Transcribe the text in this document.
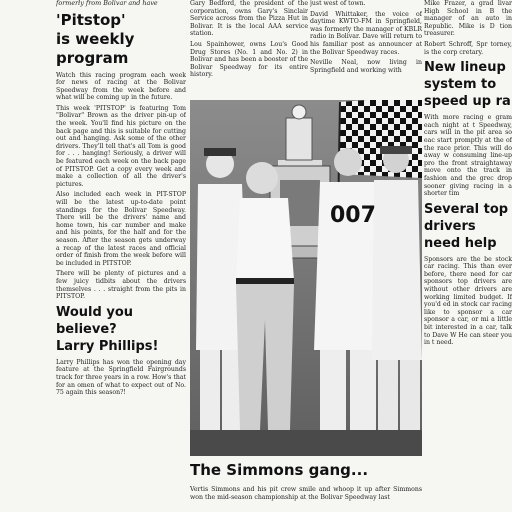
formerly from Bolivar and have

'Pitstop'
is weekly
program

Watch this racing program each week for news of racing at the Bolivar Speedway from the week before and what will be coming up in the future.

This week 'PITSTOP' is featuring Tom "Bolivar" Brown as the driver pin-up of the week. You'll find his picture on the back page and this is suitable for cutting out and hanging. Ask some of the other drivers. They'll tell that's all Tom is good for . . . hanging! Seriously, a driver will be featured each week on the back page of PITSTOP. Get a copy every week and make a collection of all the driver's pictures.

Also included each week in PIT-STOP will be the latest up-to-date point standings for the Bolivar Speedway. There will be the drivers' name and home town, his car number and make and his points, for the half and for the season. After the season gets underway a recap of the latest races and official order of finish from the week before will be included in PITSTOP.

There will be plenty of pictures and a few juicy tidbits about the drivers themselves . . . straight from the pits in PITSTOP.

Would you
believe?
Larry Phillips!

Larry Phillips has won the opening day feature at the Springfield Fairgrounds track for three years in a row. How's that for an omen of what to expect out of No. 75 again this season?!

Gary Bedford, the president of the corporation, owns Gary's Sinclair Service across from the Pizza Hut in Bolivar. It is the local AAA service station.

Lou Spainhower, owns Lou's Good Drug Stores (No. 1 and No. 2) in Bolivar and has been a booster of the Bolivar Speedway for its entire history.

just west of town.

David Whittaker, the voice of daytime KWTO-FM in Springfield, was formerly the manager of KBLR radio in Bolivar. Dave will return to his familiar post as announcer at the Bolivar Speedway races.

Neville Neal, now living in Springfield and working with

Mike Frazer, a grad livar High School in B the manager of an auto in Republic. Mike is D tion treasurer.

Robert Schroff, Spr torney, is the corp cretary.

New lineup
system to
speed up ra

With more racing e gram each night at t Speedway, cars will in the pit area so eac start promptly at the of the race prior. This will do away w consuming line-up pro the front straightaway move onto the track in fashion and the grec drop sooner giving racing in a shorter tim

Several top
drivers
need help

Sponsors are the be stock car racing. This than ever before, there need for car sponsors top drivers are without other drivers are working limited budget. If you'd ed in stock car racing like to sponsor a car sponsor a car, or mi a little bit interested in a car, talk to Dave W He can steer you in t need.

007
The Simmons gang...
Vertis Simmons and his pit crew smile and whoop it up after Simmons won the mid-season championship at the Bolivar Speedway last
